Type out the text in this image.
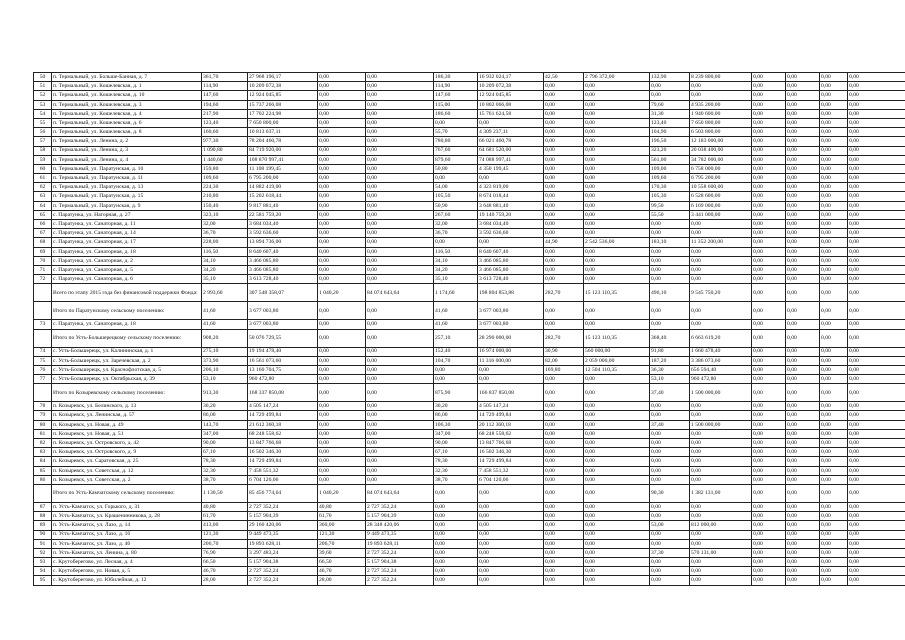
50	п. Термальный, ул. Больше-Банная, д. 7	361,70	27 968 196,17	0,00	0,00	186,30	16 932 024,17	42,50	2 796 372,00	132,90	8 239 800,00	0,00	0,00	0,00	0,00
51	п. Термальный, ул. Кошелевская, д. 1	114,90	10 209 072,38	0,00	0,00	114,90	10 209 072,38	0,00	0,00	0,00	0,00	0,00	0,00	0,00	0,00
52	п. Термальный, ул. Кошелевская, д. 10	147,60	12 924 045,85	0,00	0,00	147,60	12 924 045,85	0,00	0,00	0,00	0,00	0,00	0,00	0,00	0,00
53	п. Термальный, ул. Кошелевская, д. 3	194,60	15 737 266,08	0,00	0,00	115,00	10 802 066,08	0,00	0,00	79,60	4 935 200,00	0,00	0,00	0,00	0,00
54	п. Термальный, ул. Кошелевская, д. 4	217,90	17 702 224,98	0,00	0,00	186,60	15 761 624,58	0,00	0,00	31,30	1 940 600,00	0,00	0,00	0,00	0,00
55	п. Термальный, ул. Кошелевская, д. 6	123,40	7 650 800,00	0,00	0,00	0,00	0,00	0,00	0,00	123,40	7 650 800,00	0,00	0,00	0,00	0,00
56	п. Термальный, ул. Кошелевская, д. 8	160,60	10 813 037,11	0,00	0,00	55,70	4 309 237,11	0,00	0,00	104,90	6 503 800,00	0,00	0,00	0,00	0,00
57	п. Термальный, ул. Ленина, д. 2	977,30	78 204 460,78	0,00	0,00	780,80	66 021 460,78	0,00	0,00	196,50	12 183 000,00	0,00	0,00	0,00	0,00
58	п. Термальный, ул. Ленина, д. 3	1 090,80	84 719 920,00	0,00	0,00	767,60	64 681 520,00	0,00	0,00	323,20	20 038 400,00	0,00	0,00	0,00	0,00
59	п. Термальный, ул. Ленина, д. 4	1 440,60	108 870 997,41	0,00	0,00	879,60	74 088 997,41	0,00	0,00	561,00	34 782 000,00	0,00	0,00	0,00	0,00
60	п. Термальный, ул. Паратунская, д. 10	159,80	11 108 199,45	0,00	0,00	50,80	4 350 199,45	0,00	0,00	109,00	6 758 000,00	0,00	0,00	0,00	0,00
61	п. Термальный, ул. Паратунская, д. 11	109,60	6 795 200,00	0,00	0,00	0,00	0,00	0,00	0,00	109,60	6 795 200,00	0,00	0,00	0,00	0,00
62	п. Термальный, ул. Паратунская, д. 13	224,30	14 882 419,00	0,00	0,00	54,00	4 323 819,00	0,00	0,00	170,30	10 558 600,00	0,00	0,00	0,00	0,00
63	п. Термальный, ул. Паратунская, д. 15	210,80	15 202 618,44	0,00	0,00	105,50	8 674 018,44	0,00	0,00	105,30	6 528 600,00	0,00	0,00	0,00	0,00
64	п. Термальный, ул. Паратунская, д. 9	150,40	9 817 881,40	0,00	0,00	50,90	3 648 881,40	0,00	0,00	99,50	6 169 000,00	0,00	0,00	0,00	0,00
65	с. Паратунка, ул. Нагорная, д. 27	323,10	22 581 759,20	0,00	0,00	267,60	19 140 759,20	0,00	0,00	55,50	3 441 000,00	0,00	0,00	0,00	0,00
66	с. Паратунка, ул. Санаторная, д. 11	32,00	3 684 034,40	0,00	0,00	32,00	3 684 034,40	0,00	0,00	0,00	0,00	0,00	0,00	0,00	0,00
67	с. Паратунка, ул. Санаторная, д. 14	36,70	3 592 636,60	0,00	0,00	36,70	3 592 636,60	0,00	0,00	0,00	0,00	0,00	0,00	0,00	0,00
68	с. Паратунка, ул. Санаторная, д. 17	228,00	13 894 736,00	0,00	0,00	0,00	0,00	44,90	2 542 536,00	183,10	11 352 200,00	0,00	0,00	0,00	0,00
69	с. Паратунка, ул. Санаторная, д. 18	116,50	8 640 607,40	0,00	0,00	116,50	8 640 607,40	0,00	0,00	0,00	0,00	0,00	0,00	0,00	0,00
70	с. Паратунка, ул. Санаторная, д. 2	34,10	3 466 085,80	0,00	0,00	34,10	3 466 085,80	0,00	0,00	0,00	0,00	0,00	0,00	0,00	0,00
71	с. Паратунка, ул. Санаторная, д. 5	34,20	3 466 085,80	0,00	0,00	34,20	3 466 085,80	0,00	0,00	0,00	0,00	0,00	0,00	0,00	0,00
72	с. Паратунка, ул. Санаторная, д. 6	35,10	3 613 728,40	0,00	0,00	35,10	3 613 728,40	0,00	0,00	0,00	0,00	0,00	0,00	0,00	0,00
	Всего по этапу 2015 года без финансовой поддержки Фонда:	2 993,60	307 548 358,07	1 040,20	84 074 643,64	1 174,60	198 804 853,88	282,70	15 123 110,35	496,10	9 545 750,20	0,00	0,00	0,00	0,00
	Итого по Паратунскому сельскому поселению:	41,60	3 677 003,80	0,00	0,00	41,60	3 677 003,80	0,00	0,00	0,00	0,00	0,00	0,00	0,00	0,00
73	с. Паратунка, ул. Санаторная, д. 18	41,60	3 677 003,80	0,00	0,00	41,60	3 677 003,80	0,00	0,00	0,00	0,00	0,00	0,00	0,00	0,00
	Итого по Усть-Большерецкому сельскому поселению:	908,20	50 076 729,55	0,00	0,00	257,10	28 290 000,00	282,70	15 123 110,35	368,40	6 663 619,20	0,00	0,00	0,00	0,00
74	с. Усть-Большерецк, ул. Калининская, д. 1	275,10	19 194 478,40	0,00	0,00	152,40	16 974 000,00	30,90	560 000,00	91,80	1 660 478,40	0,00	0,00	0,00	0,00
75	с. Усть-Большерецк, ул. Заречевская, д. 2	373,90	16 561 073,60	0,00	0,00	104,70	11 316 000,00	82,00	2 059 000,00	187,20	3 386 073,60	0,00	0,00	0,00	0,00
76	с. Усть-Большерецк, ул. Краснофлотская, д. 5	206,10	13 160 704,75	0,00	0,00	0,00	0,00	169,80	12 504 110,35	36,30	656 594,40	0,00	0,00	0,00	0,00
77	с. Усть-Большерецк, ул. Октябрьская, д. 39	53,10	960 472,80	0,00	0,00	0,00	0,00	0,00	0,00	53,10	960 472,80	0,00	0,00	0,00	0,00
	Итого по Козыревскому сельскому поселению:	913,30	168 337 850,08	0,00	0,00	875,90	166 837 850,08	0,00	0,00	37,40	1 500 000,00	0,00	0,00	0,00	0,00
78	п. Козыревск, ул. Белинского, д. 13	30,20	4 505 147,24	0,00	0,00	30,20	4 505 147,24	0,00	0,00	0,00	0,00	0,00	0,00	0,00	0,00
79	п. Козыревск, ул. Ленинская, д. 57	86,00	14 729 499,84	0,00	0,00	86,00	14 729 499,84	0,00	0,00	0,00	0,00	0,00	0,00	0,00	0,00
80	п. Козыревск, ул. Новая, д. 49	143,70	21 612 360,18	0,00	0,00	106,30	20 112 360,18	0,00	0,00	37,40	1 500 000,00	0,00	0,00	0,00	0,00
81	п. Козыревск, ул. Новая, д. 51	347,00	68 248 558,62	0,00	0,00	347,00	68 248 558,62	0,00	0,00	0,00	0,00	0,00	0,00	0,00	0,00
82	п. Козыревск, ул. Островского, д. 42	90,00	13 847 766,68	0,00	0,00	90,00	13 847 766,68	0,00	0,00	0,00	0,00	0,00	0,00	0,00	0,00
83	п. Козыревск, ул. Островского, д. 9	67,10	16 502 346,30	0,00	0,00	67,10	16 502 346,30	0,00	0,00	0,00	0,00	0,00	0,00	0,00	0,00
84	п. Козыревск, ул. Саратовская, д. 25	78,30	14 729 499,84	0,00	0,00	78,30	14 729 499,84	0,00	0,00	0,00	0,00	0,00	0,00	0,00	0,00
85	п. Козыревск, ул. Советская, д. 12	32,30	7 458 551,32	0,00	0,00	32,30	7 458 551,32	0,00	0,00	0,00	0,00	0,00	0,00	0,00	0,00
86	п. Козыревск, ул. Советская, д. 2	38,70	6 704 120,06	0,00	0,00	38,70	6 704 120,06	0,00	0,00	0,00	0,00	0,00	0,00	0,00	0,00
	Итого по Усть-Камчатскому сельскому поселению:	1 130,50	85 456 774,64	1 040,20	84 074 643,64	0,00	0,00	0,00	0,00	90,30	1 382 131,00	0,00	0,00	0,00	0,00
87	п. Усть-Камчатск, ул. Горького, д. 31	40,80	2 727 352,24	40,80	2 727 352,24	0,00	0,00	0,00	0,00	0,00	0,00	0,00	0,00	0,00	0,00
88	п. Усть-Камчатск, ул. Крашенинникова, д. 28	61,70	5 157 904,39	61,70	5 157 904,39	0,00	0,00	0,00	0,00	0,00	0,00	0,00	0,00	0,00	0,00
89	п. Усть-Камчатск, ул. Лазо, д. 14	413,00	29 160 420,06	360,00	28 348 420,06	0,00	0,00	0,00	0,00	53,00	812 000,00	0,00	0,00	0,00	0,00
90	п. Усть-Камчатск, ул. Лазо, д. 16	121,30	9 449 473,35	121,30	9 449 473,35	0,00	0,00	0,00	0,00	0,00	0,00	0,00	0,00	0,00	0,00
91	п. Усть-Камчатск, ул. Лазо, д. 46	206,70	19 893 628,11	206,70	19 893 628,11	0,00	0,00	0,00	0,00	0,00	0,00	0,00	0,00	0,00	0,00
92	п. Усть-Камчатск, ул. Ленина, д. 80	76,90	3 297 483,24	39,60	2 727 352,24	0,00	0,00	0,00	0,00	37,30	570 131,00	0,00	0,00	0,00	0,00
93	с. Крутоберегово, ул. Лесная, д. 4	66,50	5 157 904,38	66,50	5 157 904,38	0,00	0,00	0,00	0,00	0,00	0,00	0,00	0,00	0,00	0,00
94	с. Крутоберегово, ул. Новая, д. 5	46,70	2 727 352,24	46,70	2 727 352,24	0,00	0,00	0,00	0,00	0,00	0,00	0,00	0,00	0,00	0,00
95	с. Крутоберегово, ул. Юбилейная, д. 12	28,00	2 727 352,24	28,00	2 727 352,24	0,00	0,00	0,00	0,00	0,00	0,00	0,00	0,00	0,00	0,00
